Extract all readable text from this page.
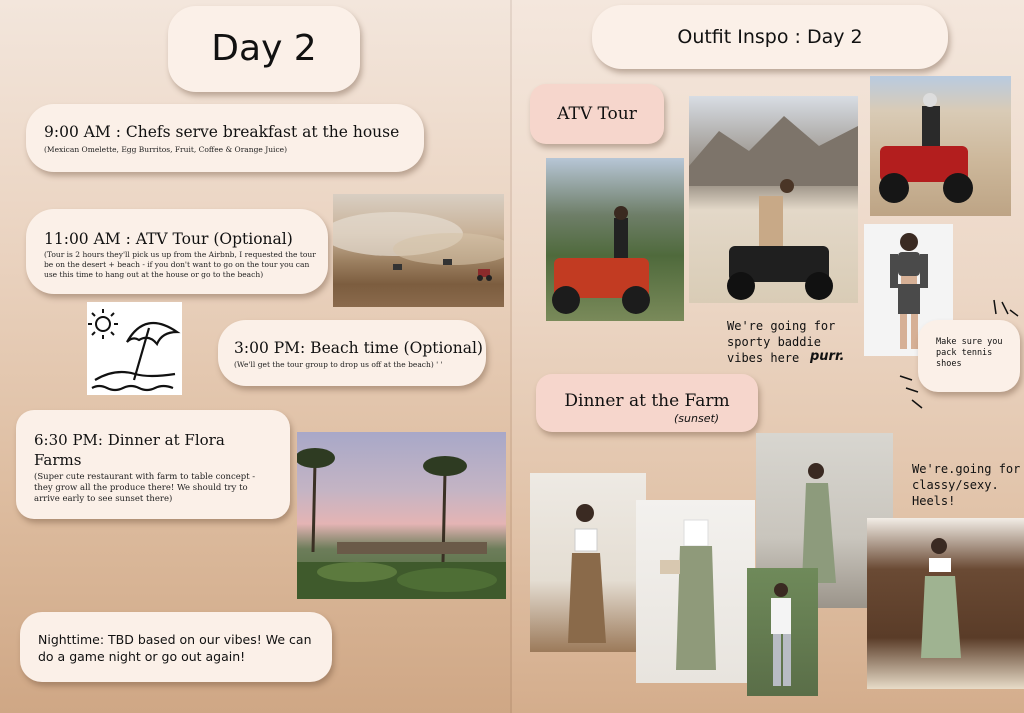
Day 2
9:00 AM : Chefs serve breakfast at the house
(Mexican Omelette, Egg Burritos, Fruit, Coffee & Orange Juice)
11:00 AM : ATV Tour (Optional)
(Tour is 2 hours they'll pick us up from the Airbnb, I requested the tour be on the desert + beach - if you don't want to go on the tour you can use this time to hang out at the house or go to the beach)
3:00 PM: Beach time (Optional)
(We'll get the tour group to drop us off at the beach) ' '
6:30 PM: Dinner at Flora Farms
(Super cute restaurant with farm to table concept - they grow all the produce there! We should try to arrive early to see sunset there)
Nighttime: TBD based on our vibes! We can do a game night or go out again!
Outfit Inspo : Day 2
ATV Tour
We're going for sporty baddie vibes here purr.
Make sure you pack tennis shoes
Dinner at the Farm
(sunset)
We're.going for classy/sexy. Heels!
